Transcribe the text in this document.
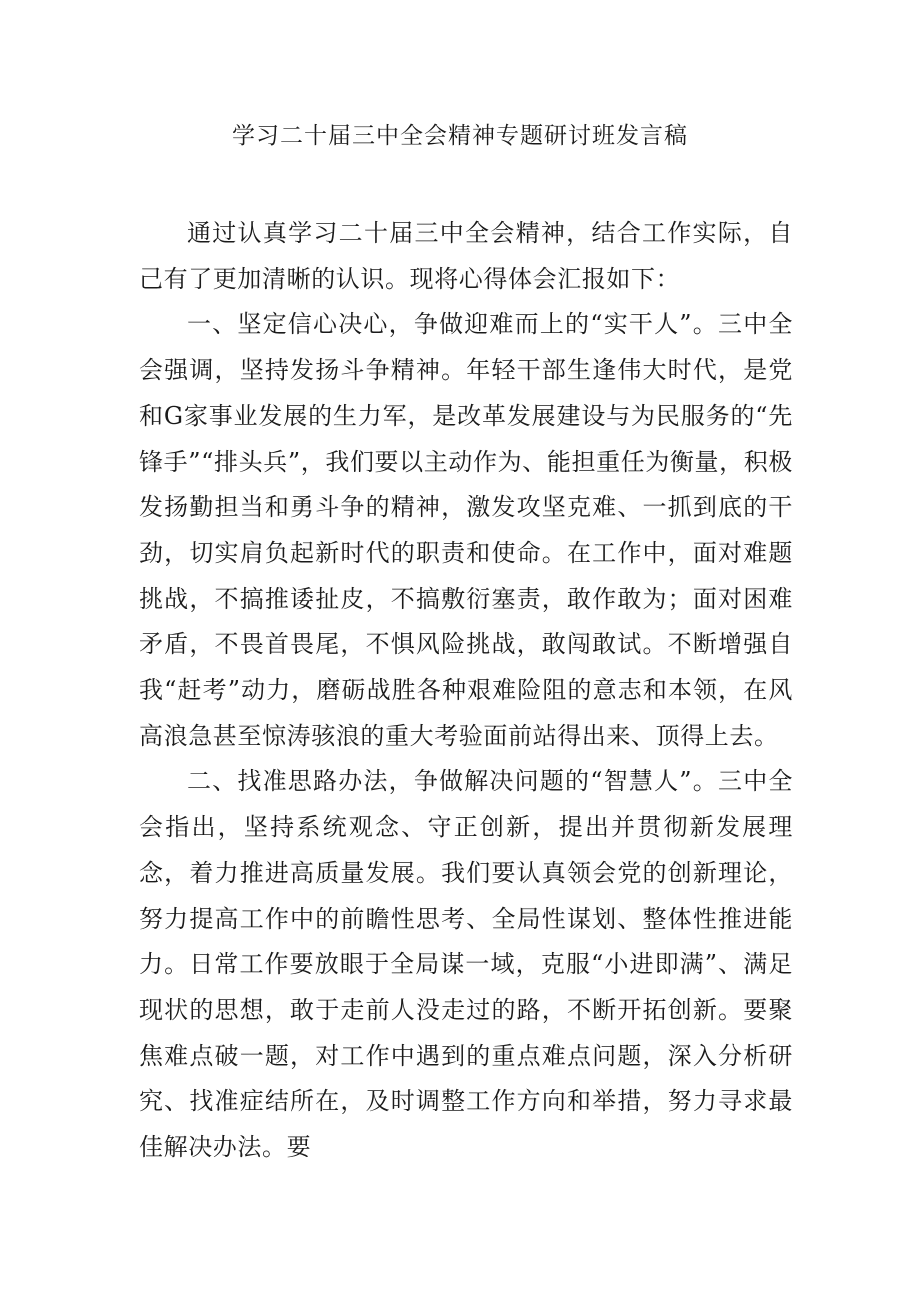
学习二十届三中全会精神专题研讨班发言稿

通过认真学习二十届三中全会精神，结合工作实际，自己有了更加清晰的认识。现将心得体会汇报如下：

一、坚定信心决心，争做迎难而上的“实干人”。三中全会强调，坚持发扬斗争精神。年轻干部生逢伟大时代，是党和G家事业发展的生力军，是改革发展建设与为民服务的“先锋手”“排头兵”，我们要以主动作为、能担重任为衡量，积极发扬勤担当和勇斗争的精神，激发攻坚克难、一抓到底的干劲，切实肩负起新时代的职责和使命。在工作中，面对难题挑战，不搞推诿扯皮，不搞敷衍塞责，敢作敢为；面对困难矛盾，不畏首畏尾，不惧风险挑战，敢闯敢试。不断增强自我“赶考”动力，磨砺战胜各种艰难险阻的意志和本领，在风高浪急甚至惊涛骇浪的重大考验面前站得出来、顶得上去。

二、找准思路办法，争做解决问题的“智慧人”。三中全会指出，坚持系统观念、守正创新，提出并贯彻新发展理念，着力推进高质量发展。我们要认真领会党的创新理论，努力提高工作中的前瞻性思考、全局性谋划、整体性推进能力。日常工作要放眼于全局谋一域，克服“小进即满”、满足现状的思想，敢于走前人没走过的路，不断开拓创新。要聚焦难点破一题，对工作中遇到的重点难点问题，深入分析研究、找准症结所在，及时调整工作方向和举措，努力寻求最佳解决办法。要
